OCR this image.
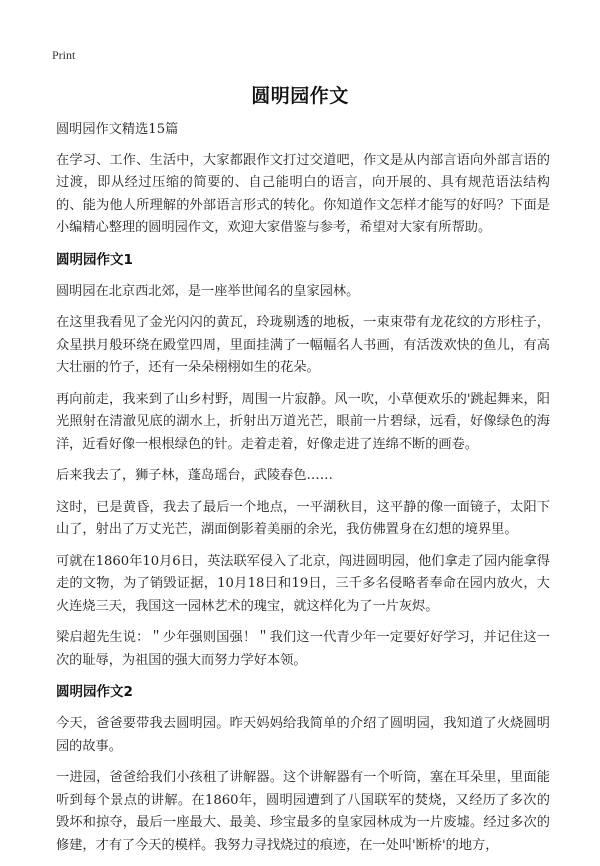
Print
圆明园作文

圆明园作文精选15篇

在学习、工作、生活中，大家都跟作文打过交道吧，作文是从内部言语向外部言语的过渡，即从经过压缩的简要的、自己能明白的语言，向开展的、具有规范语法结构的、能为他人所理解的外部语言形式的转化。你知道作文怎样才能写的好吗？下面是小编精心整理的圆明园作文，欢迎大家借鉴与参考，希望对大家有所帮助。

圆明园作文1

圆明园在北京西北郊，是一座举世闻名的皇家园林。

在这里我看见了金光闪闪的黄瓦，玲珑剔透的地板，一束束带有龙花纹的方形柱子，众星拱月般环绕在殿堂四周，里面挂满了一幅幅名人书画，有活泼欢快的鱼儿，有高大壮丽的竹子，还有一朵朵栩栩如生的花朵。

再向前走，我来到了山乡村野，周围一片寂静。风一吹，小草便欢乐的'跳起舞来，阳光照射在清澈见底的湖水上，折射出万道光芒，眼前一片碧绿，远看，好像绿色的海洋，近看好像一根根绿色的针。走着走着，好像走进了连绵不断的画卷。

后来我去了，狮子林，蓬岛瑶台，武陵春色……

这时，已是黄昏，我去了最后一个地点，一平湖秋目，这平静的像一面镜子，太阳下山了，射出了万丈光芒，湖面倒影着美丽的余光，我仿佛置身在幻想的境界里。

可就在1860年10月6日，英法联军侵入了北京，闯进圆明园，他们拿走了园内能拿得走的文物，为了销毁证据，10月18日和19日，三千多名侵略者奉命在园内放火，大火连烧三天，我国这一园林艺术的瑰宝，就这样化为了一片灰烬。

梁启超先生说：＂少年强则国强！＂我们这一代青少年一定要好好学习，并记住这一次的耻辱，为祖国的强大而努力学好本领。

圆明园作文2

今天，爸爸要带我去圆明园。昨天妈妈给我简单的介绍了圆明园，我知道了火烧圆明园的故事。

一进园，爸爸给我们小孩租了讲解器。这个讲解器有一个听筒，塞在耳朵里，里面能听到每个景点的讲解。在1860年，圆明园遭到了八国联军的焚烧，又经历了多次的毁坏和掠夺，最后一座最大、最美、珍宝最多的皇家园林成为一片废墟。经过多次的修建，才有了今天的模样。我努力寻找烧过的痕迹，在一处叫'断桥'的地方，
